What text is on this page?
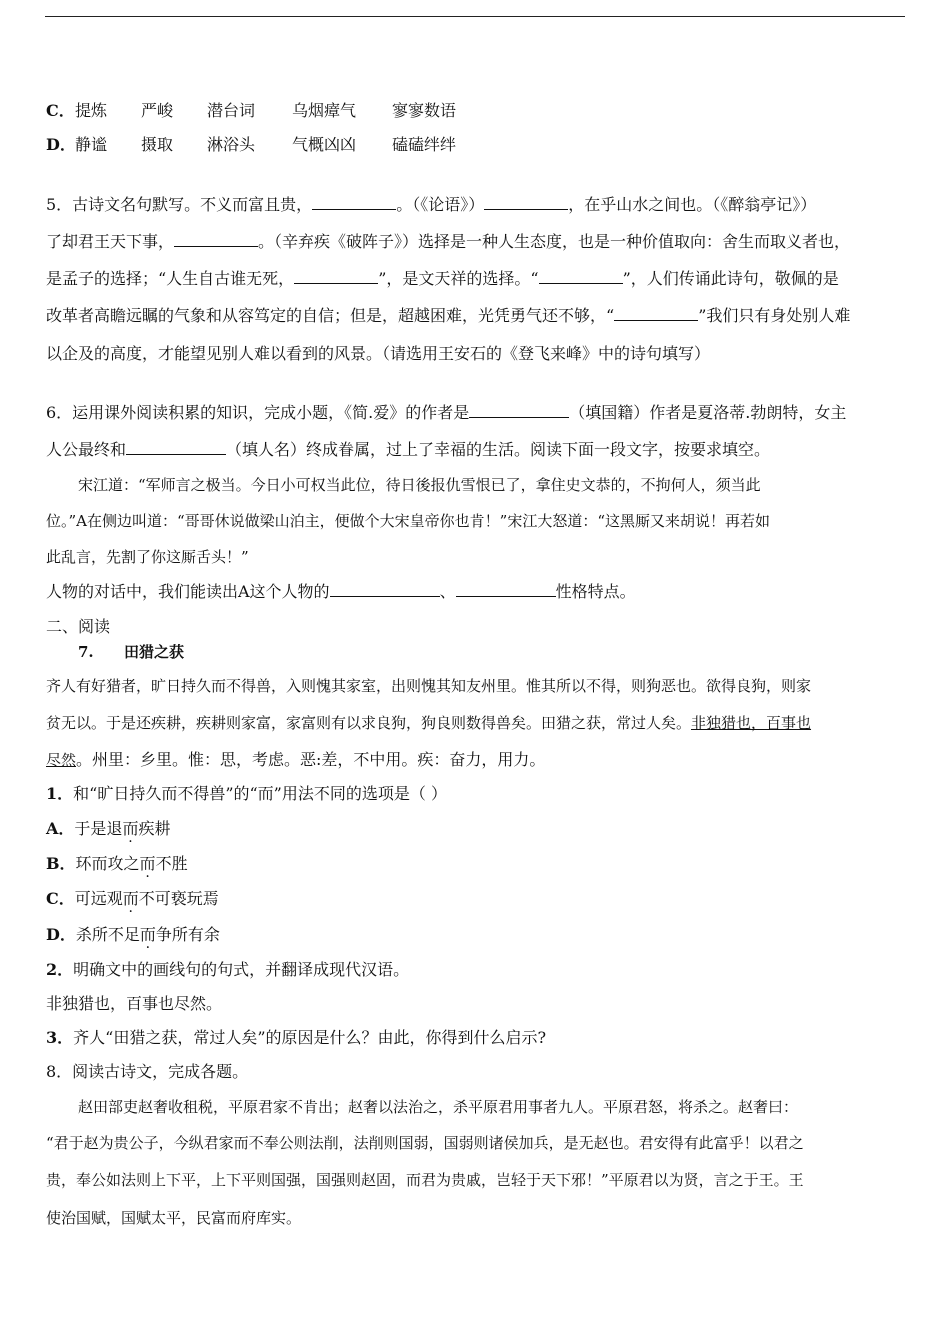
C．提炼 严峻 潜台词 乌烟瘴气 寥寥数语
D．静谧 摄取 淋浴头 气概凶凶 磕磕绊绊
5．古诗文名句默写。不义而富且贵，	。（《论语》）	，在乎山水之间也。（《醉翁亭记》）
了却君王天下事，	。（辛弃疾《破阵子》）选择是一种人生态度，也是一种价值取向：舍生而取义者也，
是孟子的选择；“人生自古谁无死，	”，是文天祥的选择。“	”，人们传诵此诗句，敬佩的是
改革者高瞻远瞩的气象和从容笃定的自信；但是，超越困难，光凭勇气还不够，“	”我们只有身处别人难
以企及的高度，才能望见别人难以看到的风景。（请选用王安石的《登飞来峰》中的诗句填写）
6．运用课外阅读积累的知识，完成小题，《简.爱》的作者是	（填国籍）作者是夏洛蒂.勃朗特，女主
人公最终和	（填人名）终成眷属，过上了幸福的生活。阅读下面一段文字，按要求填空。
宋江道：“军师言之极当。今日小可权当此位，待日後报仇雪恨已了，拿住史文恭的，不拘何人，须当此
位。”A在侧边叫道：“哥哥休说做梁山泊主，便做个大宋皇帝你也肯！”宋江大怒道：“这黑厮又来胡说！再若如
此乱言，先割了你这厮舌头！”
人物的对话中，我们能读出A这个人物的	、	性格特点。
二、阅读
7. 田猎之获
齐人有好猎者，旷日持久而不得兽，入则愧其家室，出则愧其知友州里。惟其所以不得，则狗恶也。欲得良狗，则家
贫无以。于是还疾耕，疾耕则家富，家富则有以求良狗，狗良则数得兽矣。田猎之获，常过人矣。非独猎也，百事也
尽然。州里：乡里。惟：思，考虑。恶:差，不中用。疾：奋力，用力。
1．和“旷日持久而不得兽”的“而”用法不同的选项是（ ）
A．于是退而疾耕
B．环而攻之而不胜
C．可远观而不可亵玩焉
D．杀所不足而争所有余
2．明确文中的画线句的句式，并翻译成现代汉语。
非独猎也，百事也尽然。
3．齐人“田猎之获，常过人矣”的原因是什么？由此，你得到什么启示?
8．阅读古诗文，完成各题。
赵田部吏赵奢收租税，平原君家不肯出；赵奢以法治之，杀平原君用事者九人。平原君怒，将杀之。赵奢曰：
“君于赵为贵公子，今纵君家而不奉公则法削，法削则国弱，国弱则诸侯加兵，是无赵也。君安得有此富乎！以君之
贵，奉公如法则上下平，上下平则国强，国强则赵固，而君为贵戚，岂轻于天下邪！”平原君以为贤，言之于王。王
使治国赋，国赋太平，民富而府库实。
